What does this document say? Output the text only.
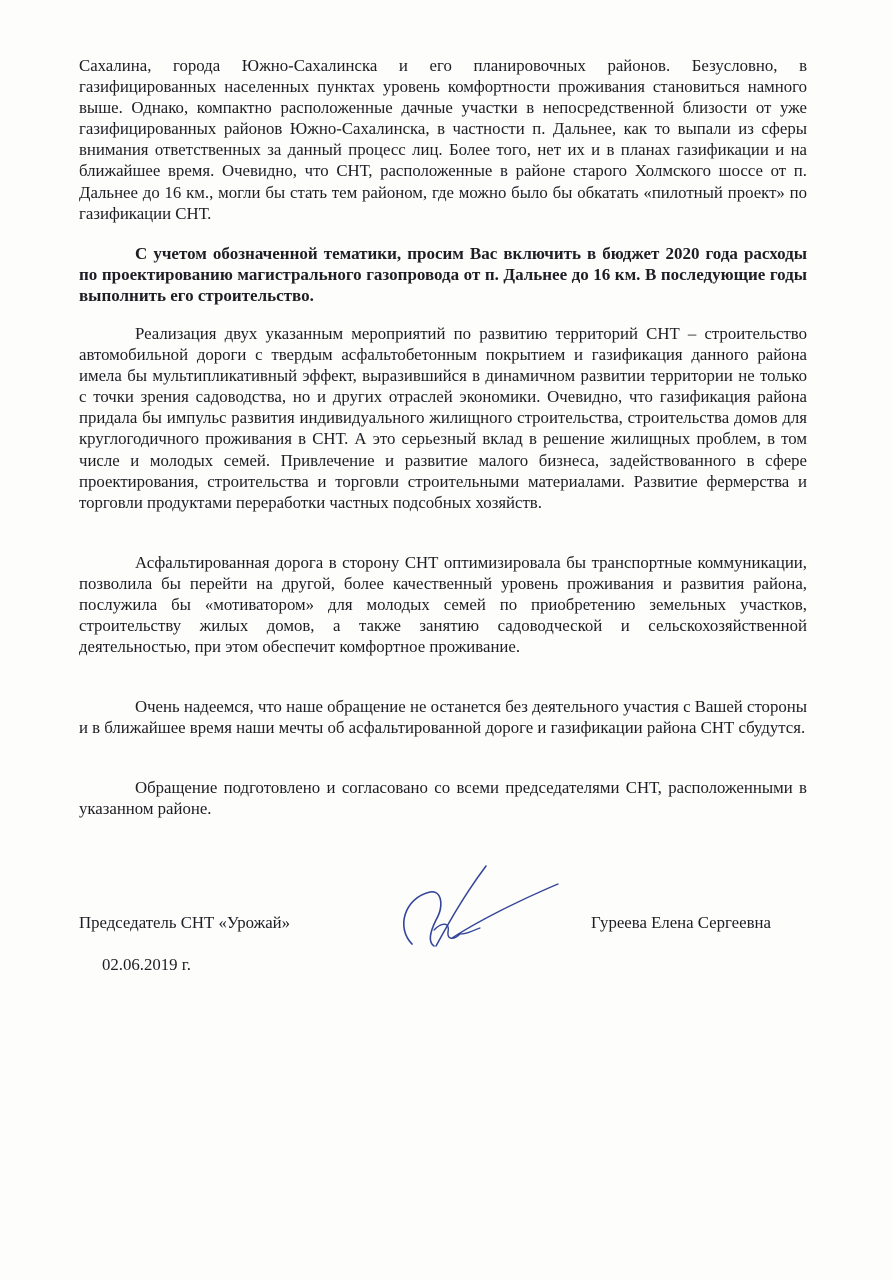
Сахалина, города Южно-Сахалинска и его планировочных районов. Безусловно, в газифицированных населенных пунктах уровень комфортности проживания становиться намного выше. Однако, компактно расположенные дачные участки в непосредственной близости от уже газифицированных районов Южно-Сахалинска, в частности п. Дальнее, как то выпали из сферы внимания ответственных за данный процесс лиц. Более того, нет их и в планах газификации и на ближайшее время. Очевидно, что СНТ, расположенные в районе старого Холмского шоссе от п. Дальнее до 16 км., могли бы стать тем районом, где можно было бы обкатать «пилотный проект» по газификации СНТ.
С учетом обозначенной тематики, просим Вас включить в бюджет 2020 года расходы по проектированию магистрального газопровода от п. Дальнее до 16 км. В последующие годы выполнить его строительство.
Реализация двух указанным мероприятий по развитию территорий СНТ – строительство автомобильной дороги с твердым асфальтобетонным покрытием и газификация данного района имела бы мультипликативный эффект, выразившийся в динамичном развитии территории не только с точки зрения садоводства, но и других отраслей экономики. Очевидно, что газификация района придала бы импульс развития индивидуального жилищного строительства, строительства домов для круглогодичного проживания в СНТ. А это серьезный вклад в решение жилищных проблем, в том числе и молодых семей. Привлечение и развитие малого бизнеса, задействованного в сфере проектирования, строительства и торговли строительными материалами. Развитие фермерства и торговли продуктами переработки частных подсобных хозяйств.
Асфальтированная дорога в сторону СНТ оптимизировала бы транспортные коммуникации, позволила бы перейти на другой, более качественный уровень проживания и развития района, послужила бы «мотиватором» для молодых семей по приобретению земельных участков, строительству жилых домов, а также занятию садоводческой и сельскохозяйственной деятельностью, при этом обеспечит комфортное проживание.
Очень надеемся, что наше обращение не останется без деятельного участия с Вашей стороны и в ближайшее время наши мечты об асфальтированной дороге и газификации района СНТ сбудутся.
Обращение подготовлено и согласовано со всеми председателями СНТ, расположенными в указанном районе.
Председатель СНТ «Урожай»	Гуреева Елена Сергеевна
02.06.2019 г.
